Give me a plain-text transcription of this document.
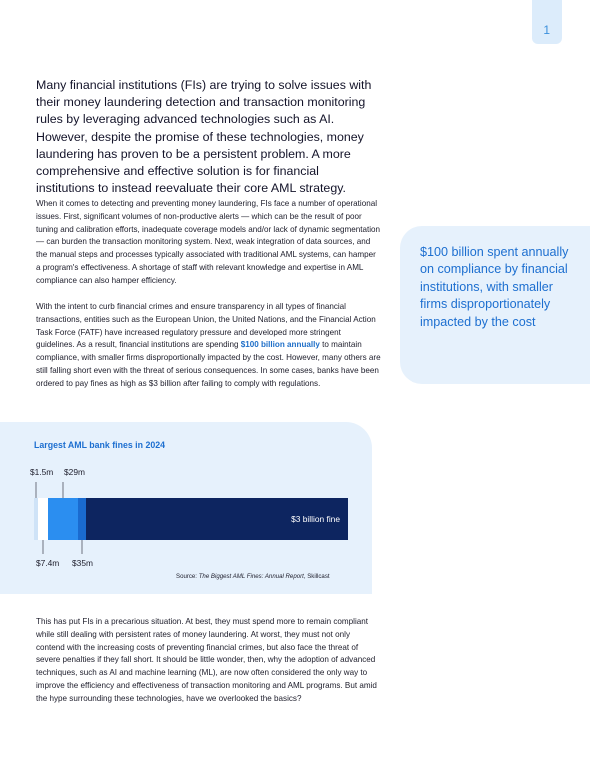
1

Many financial institutions (FIs) are trying to solve issues with their money laundering detection and transaction monitoring rules by leveraging advanced technologies such as AI. However, despite the promise of these technologies, money laundering has proven to be a persistent problem. A more comprehensive and effective solution is for financial institutions to instead reevaluate their core AML strategy.

When it comes to detecting and preventing money laundering, FIs face a number of operational issues. First, significant volumes of non-productive alerts — which can be the result of poor tuning and calibration efforts, inadequate coverage models and/or lack of dynamic segmentation — can burden the transaction monitoring system. Next, weak integration of data sources, and the manual steps and processes typically associated with traditional AML systems, can hamper a program's effectiveness. A shortage of staff with relevant knowledge and expertise in AML compliance can also hamper efficiency.

With the intent to curb financial crimes and ensure transparency in all types of financial transactions, entities such as the European Union, the United Nations, and the Financial Action Task Force (FATF) have increased regulatory pressure and developed more stringent guidelines. As a result, financial institutions are spending $100 billion annually to maintain compliance, with smaller firms disproportionally impacted by the cost. However, many others are still falling short even with the threat of serious consequences. In some cases, banks have been ordered to pay fines as high as $3 billion after failing to comply with regulations.

$100 billion spent annually on compliance by financial institutions, with smaller firms disproportionately impacted by the cost

Largest AML bank fines in 2024
$1.5m $29m
$7.4m $35m
$3 billion fine
Source: The Biggest AML Fines: Annual Report, Skillcast

This has put FIs in a precarious situation. At best, they must spend more to remain compliant while still dealing with persistent rates of money laundering. At worst, they must not only contend with the increasing costs of preventing financial crimes, but also face the threat of severe penalties if they fall short. It should be little wonder, then, why the adoption of advanced techniques, such as AI and machine learning (ML), are now often considered the only way to improve the efficiency and effectiveness of transaction monitoring and AML programs. But amid the hype surrounding these technologies, have we overlooked the basics?
